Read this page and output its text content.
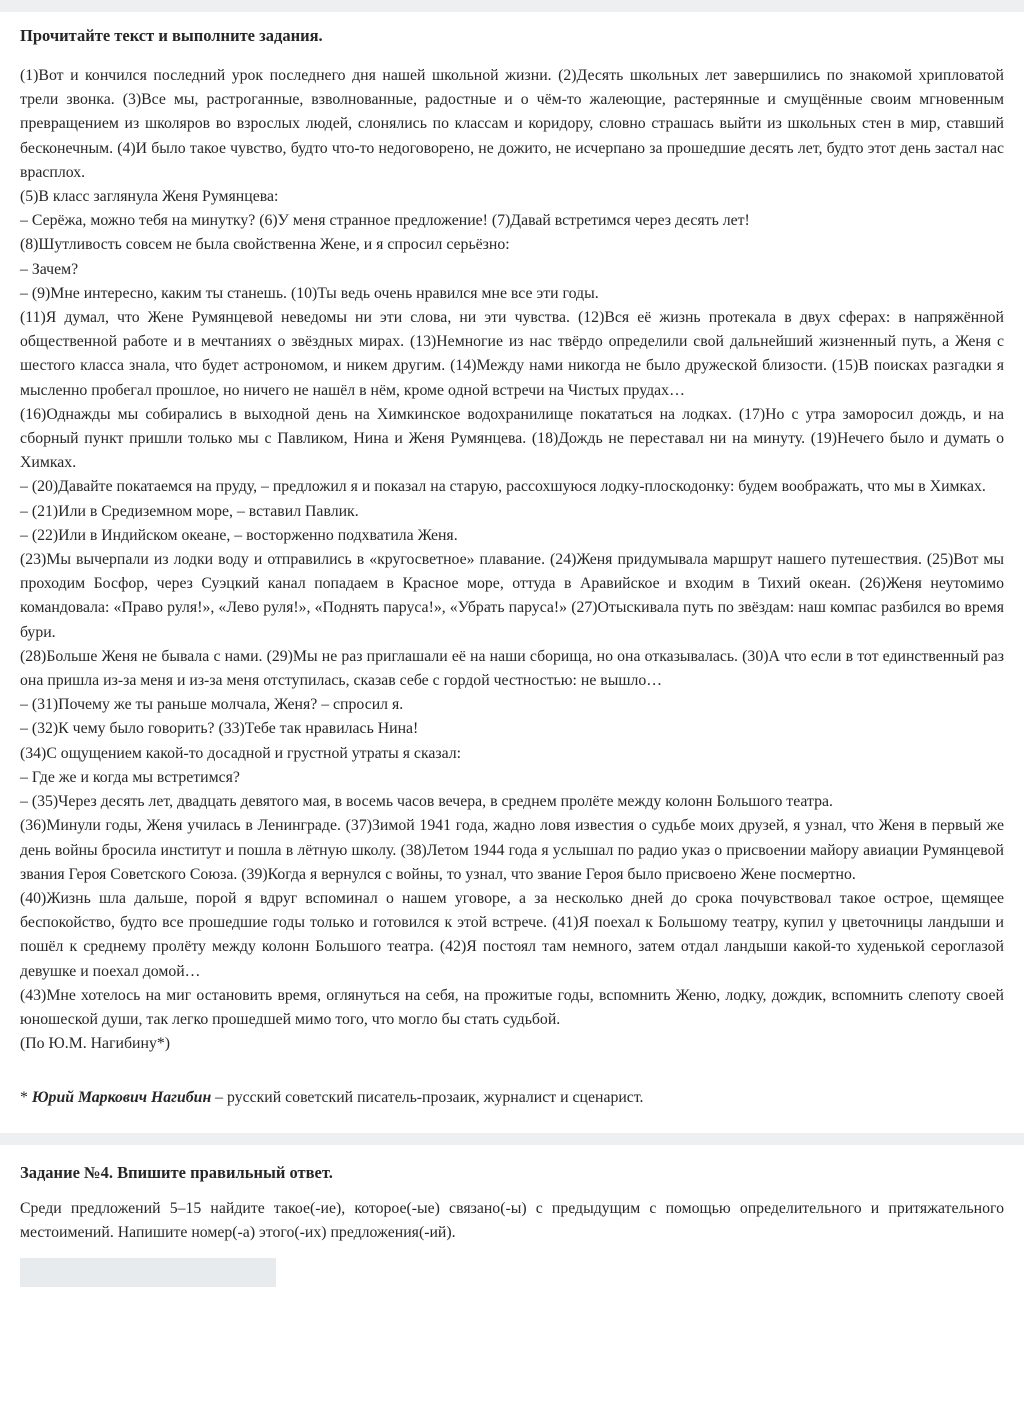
Прочитайте текст и выполните задания.

(1)Вот и кончился последний урок последнего дня нашей школьной жизни. (2)Десять школьных лет завершились по знакомой хрипловатой трели звонка. (3)Все мы, растроганные, взволнованные, радостные и о чём-то жалеющие, растерянные и смущённые своим мгновенным превращением из школяров во взрослых людей, слонялись по классам и коридору, словно страшась выйти из школьных стен в мир, ставший бесконечным. (4)И было такое чувство, будто что-то недоговорено, не дожито, не исчерпано за прошедшие десять лет, будто этот день застал нас врасплох.

(5)В класс заглянула Женя Румянцева:

– Серёжа, можно тебя на минутку? (6)У меня странное предложение! (7)Давай встретимся через десять лет!

(8)Шутливость совсем не была свойственна Жене, и я спросил серьёзно:

– Зачем?

– (9)Мне интересно, каким ты станешь. (10)Ты ведь очень нравился мне все эти годы.

(11)Я думал, что Жене Румянцевой неведомы ни эти слова, ни эти чувства. (12)Вся её жизнь протекала в двух сферах: в напряжённой общественной работе и в мечтаниях о звёздных мирах. (13)Немногие из нас твёрдо определили свой дальнейший жизненный путь, а Женя с шестого класса знала, что будет астрономом, и никем другим. (14)Между нами никогда не было дружеской близости. (15)В поисках разгадки я мысленно пробегал прошлое, но ничего не нашёл в нём, кроме одной встречи на Чистых прудах…

(16)Однажды мы собирались в выходной день на Химкинское водохранилище покататься на лодках. (17)Но с утра заморосил дождь, и на сборный пункт пришли только мы с Павликом, Нина и Женя Румянцева. (18)Дождь не переставал ни на минуту. (19)Нечего было и думать о Химках.

– (20)Давайте покатаемся на пруду, – предложил я и показал на старую, рассохшуюся лодку-плоскодонку: будем воображать, что мы в Химках.

– (21)Или в Средиземном море, – вставил Павлик.

– (22)Или в Индийском океане, – восторженно подхватила Женя.

(23)Мы вычерпали из лодки воду и отправились в «кругосветное» плавание. (24)Женя придумывала маршрут нашего путешествия. (25)Вот мы проходим Босфор, через Суэцкий канал попадаем в Красное море, оттуда в Аравийское и входим в Тихий океан. (26)Женя неутомимо командовала: «Право руля!», «Лево руля!», «Поднять паруса!», «Убрать паруса!» (27)Отыскивала путь по звёздам: наш компас разбился во время бури.

(28)Больше Женя не бывала с нами. (29)Мы не раз приглашали её на наши сборища, но она отказывалась. (30)А что если в тот единственный раз она пришла из-за меня и из-за меня отступилась, сказав себе с гордой честностью: не вышло…

– (31)Почему же ты раньше молчала, Женя? – спросил я.

– (32)К чему было говорить? (33)Тебе так нравилась Нина!

(34)С ощущением какой-то досадной и грустной утраты я сказал:

– Где же и когда мы встретимся?

– (35)Через десять лет, двадцать девятого мая, в восемь часов вечера, в среднем пролёте между колонн Большого театра.

(36)Минули годы, Женя училась в Ленинграде. (37)Зимой 1941 года, жадно ловя известия о судьбе моих друзей, я узнал, что Женя в первый же день войны бросила институт и пошла в лётную школу. (38)Летом 1944 года я услышал по радио указ о присвоении майору авиации Румянцевой звания Героя Советского Союза. (39)Когда я вернулся с войны, то узнал, что звание Героя было присвоено Жене посмертно.

(40)Жизнь шла дальше, порой я вдруг вспоминал о нашем уговоре, а за несколько дней до срока почувствовал такое острое, щемящее беспокойство, будто все прошедшие годы только и готовился к этой встрече. (41)Я поехал к Большому театру, купил у цветочницы ландыши и пошёл к среднему пролёту между колонн Большого театра. (42)Я постоял там немного, затем отдал ландыши какой-то худенькой сероглазой девушке и поехал домой…

(43)Мне хотелось на миг остановить время, оглянуться на себя, на прожитые годы, вспомнить Женю, лодку, дождик, вспомнить слепоту своей юношеской души, так легко прошедшей мимо того, что могло бы стать судьбой.

(По Ю.М. Нагибину*)

* Юрий Маркович Нагибин – русский советский писатель-прозаик, журналист и сценарист.
Задание №4. Впишите правильный ответ.

Среди предложений 5–15 найдите такое(-ие), которое(-ые) связано(-ы) с предыдущим с помощью определительного и притяжательного местоимений. Напишите номер(-а) этого(-их) предложения(-ий).
